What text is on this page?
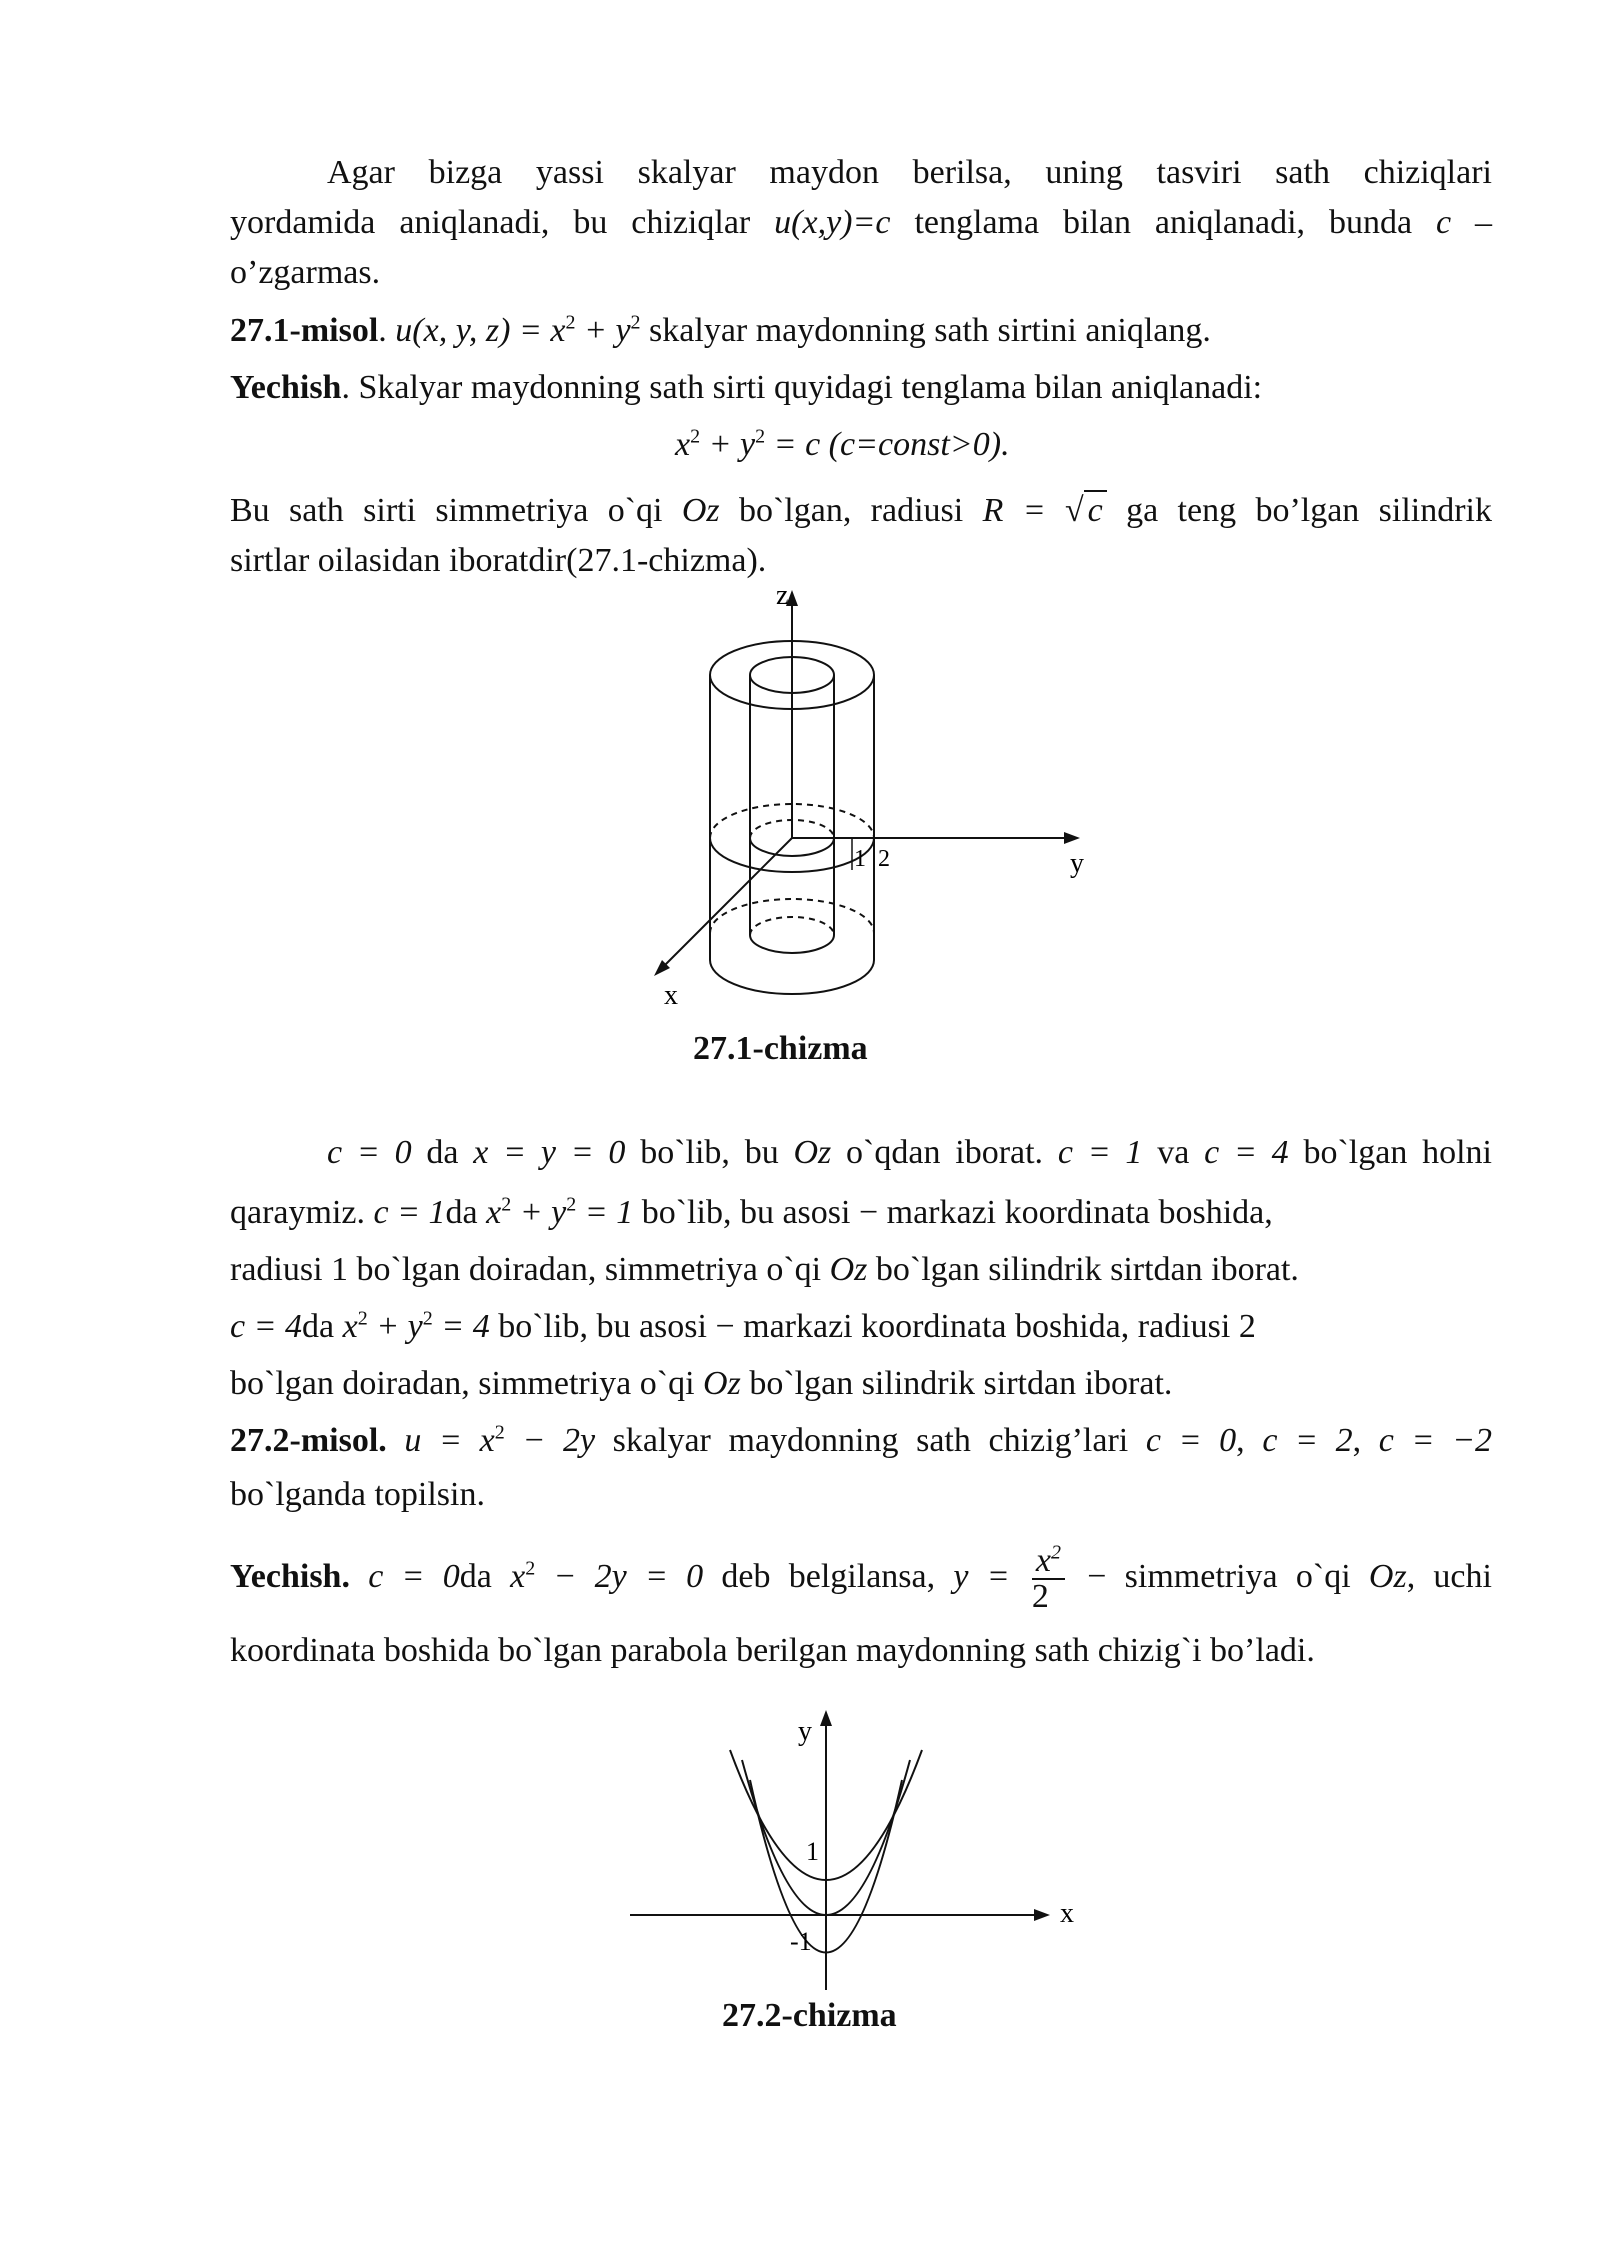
Agar bizga yassi skalyar maydon berilsa, uning tasviri sath chiziqlari
yordamida aniqlanadi, bu chiziqlar u(x,y)=c tenglama bilan aniqlanadi, bunda c –
o’zgarmas.
27.1-misol. u(x, y, $z) = x^2 + y^2$ skalyar maydonning sath sirtini aniqlang.
Yechish. Skalyar maydonning sath sirti quyidagi tenglama bilan aniqlanadi:
$x^2 + y^2 = c$ (c=const>0).
Bu sath sirti simmetriya o`qi Oz bo`lgan, radiusi R = √ c ga teng bo’lgan silindrik
sirtlar oilasidan iboratdir(27.1-chizma).
c = 0 da x = y = 0 bo`lib, bu Oz o`qdan iborat. c = 1 va c = 4 bo`lgan holni
qaraymiz. c = 1da $x^2 + y^2 = 1$ bo`lib, bu asosi − markazi koordinata boshida,
radiusi 1 bo`lgan doiradan, simmetriya o`qi Oz bo`lgan silindrik sirtdan iborat.
c = 4da $x^2 + y^2 = 4$ bo`lib, bu asosi − markazi koordinata boshida, radiusi 2
bo`lgan doiradan, simmetriya o`qi Oz bo`lgan silindrik sirtdan iborat.
27.2-misol. $u = x^2 - 2y$ skalyar maydonning sath chizig’lari c = 0, c = 2, c = −2
bo`lganda topilsin.
Yechish. c = 0da $x^2 - 2y = 0$ deb belgilansa, $y = \frac{x^2}{2}$ − simmetriya o`qi Oz, uchi
koordinata boshida bo`lgan parabola berilgan maydonning sath chizig`i bo’ladi.
z
y
x
1 2
27.1-chizma
y
x
1
-1
27.2-chizma
